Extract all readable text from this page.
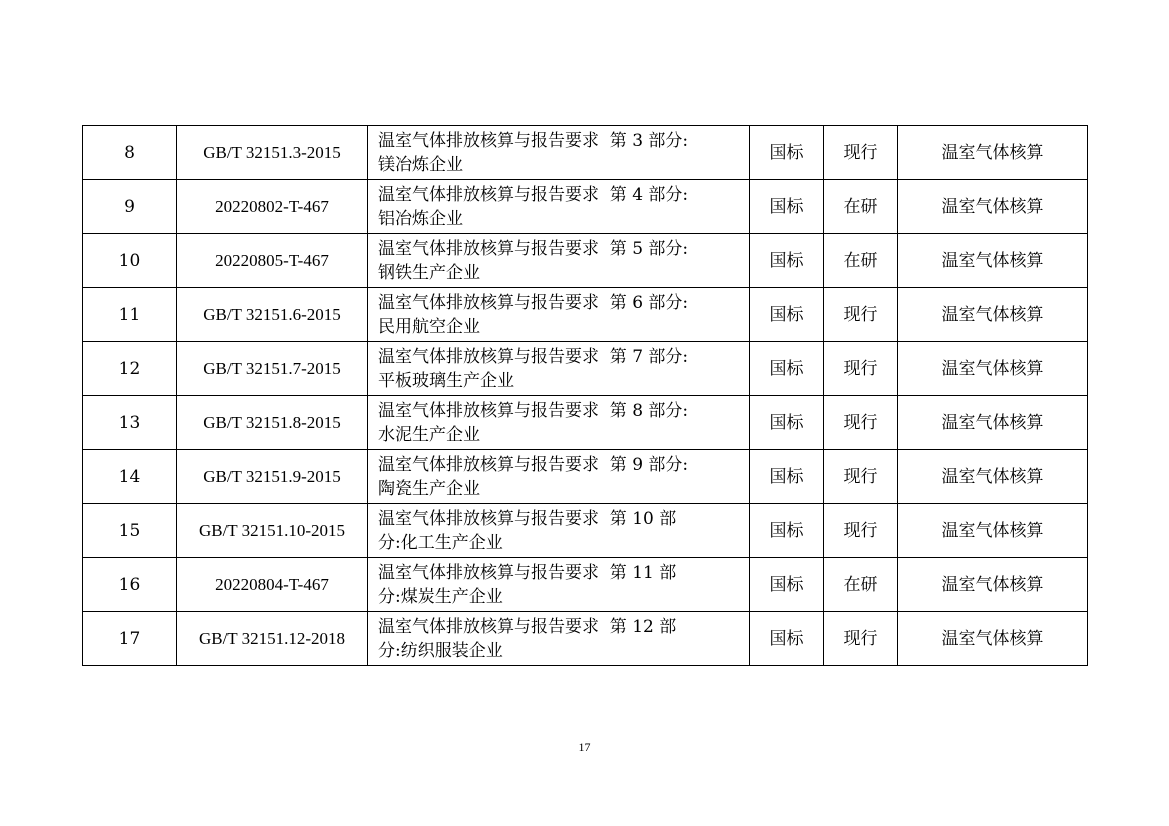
8	GB/T 32151.3-2015	温室气体排放核算与报告要求  第 3 部分:
镁冶炼企业	国标	现行	温室气体核算
9	20220802-T-467	温室气体排放核算与报告要求  第 4 部分:
铝冶炼企业	国标	在研	温室气体核算
10	20220805-T-467	温室气体排放核算与报告要求  第 5 部分:
钢铁生产企业	国标	在研	温室气体核算
11	GB/T 32151.6-2015	温室气体排放核算与报告要求  第 6 部分:
民用航空企业	国标	现行	温室气体核算
12	GB/T 32151.7-2015	温室气体排放核算与报告要求  第 7 部分:
平板玻璃生产企业	国标	现行	温室气体核算
13	GB/T 32151.8-2015	温室气体排放核算与报告要求  第 8 部分:
水泥生产企业	国标	现行	温室气体核算
14	GB/T 32151.9-2015	温室气体排放核算与报告要求  第 9 部分:
陶瓷生产企业	国标	现行	温室气体核算
15	GB/T 32151.10-2015	温室气体排放核算与报告要求  第 10 部
分:化工生产企业	国标	现行	温室气体核算
16	20220804-T-467	温室气体排放核算与报告要求  第 11 部
分:煤炭生产企业	国标	在研	温室气体核算
17	GB/T 32151.12-2018	温室气体排放核算与报告要求  第 12 部
分:纺织服装企业	国标	现行	温室气体核算
17
